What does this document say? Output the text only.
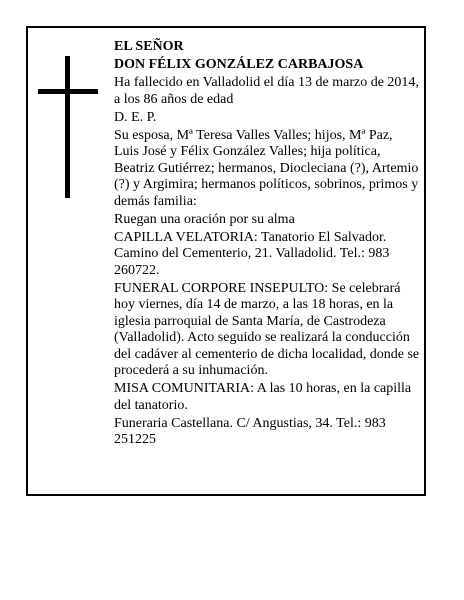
EL SEÑOR

DON FÉLIX GONZÁLEZ CARBAJOSA

Ha fallecido en Valladolid el día 13 de marzo de 2014, a los 86 años de edad

D. E. P.

Su esposa, Mª Teresa Valles Valles; hijos, Mª Paz, Luis José y Félix González Valles; hija política, Beatriz Gutiérrez; hermanos, Diocleciana (?), Artemio (?) y Argimira; hermanos políticos, sobrinos, primos y demás familia:

Ruegan una oración por su alma

CAPILLA VELATORIA: Tanatorio El Salvador. Camino del Cementerio, 21. Valladolid. Tel.: 983 260722.

FUNERAL CORPORE INSEPULTO: Se celebrará hoy viernes, día 14 de marzo, a las 18 horas, en la iglesia parroquial de Santa María, de Castrodeza (Valladolid). Acto seguido se realizará la conducción del cadáver al cementerio de dicha localidad, donde se procederá a su inhumación.

MISA COMUNITARIA: A las 10 horas, en la capilla del tanatorio.

Funeraria Castellana. C/ Angustias, 34. Tel.: 983 251225
